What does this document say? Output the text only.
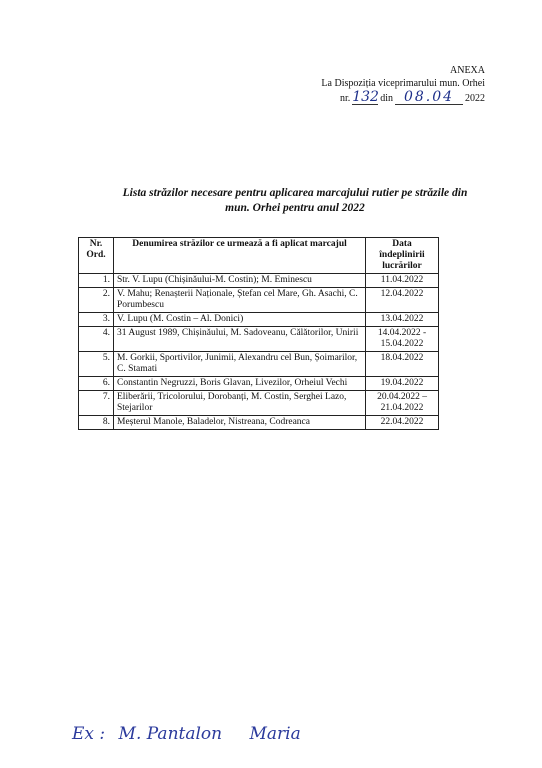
ANEXA
La Dispoziția viceprimarului mun. Orhei
nr. 132 din 08.04	2022
Lista străzilor necesare pentru aplicarea marcajului rutier pe străzile din
mun. Orhei pentru anul 2022
Nr. Ord.	Denumirea străzilor ce urmează a fi aplicat marcajul	Data îndeplinirii lucrărilor
1.	Str. V. Lupu (Chișinăului-M. Costin); M. Eminescu	11.04.2022
2.	V. Mahu; Renașterii Naționale, Ștefan cel Mare, Gh. Asachi, C. Porumbescu	12.04.2022
3.	V. Lupu (M. Costin – Al. Donici)	13.04.2022
4.	31 August 1989, Chișinăului, M. Sadoveanu, Călătorilor, Unirii	14.04.2022 - 15.04.2022
5.	M. Gorkii, Sportivilor, Junimii, Alexandru cel Bun, Șoimarilor, C. Stamati	18.04.2022
6.	Constantin Negruzzi, Boris Glavan, Livezilor, Orheiul Vechi	19.04.2022
7.	Eliberării, Tricolorului, Dorobanți, M. Costin, Serghei Lazo, Stejarilor	20.04.2022 – 21.04.2022
8.	Meșterul Manole, Baladelor, Nistreana, Codreanca	22.04.2022
Ex : M. Pantalon Maria
